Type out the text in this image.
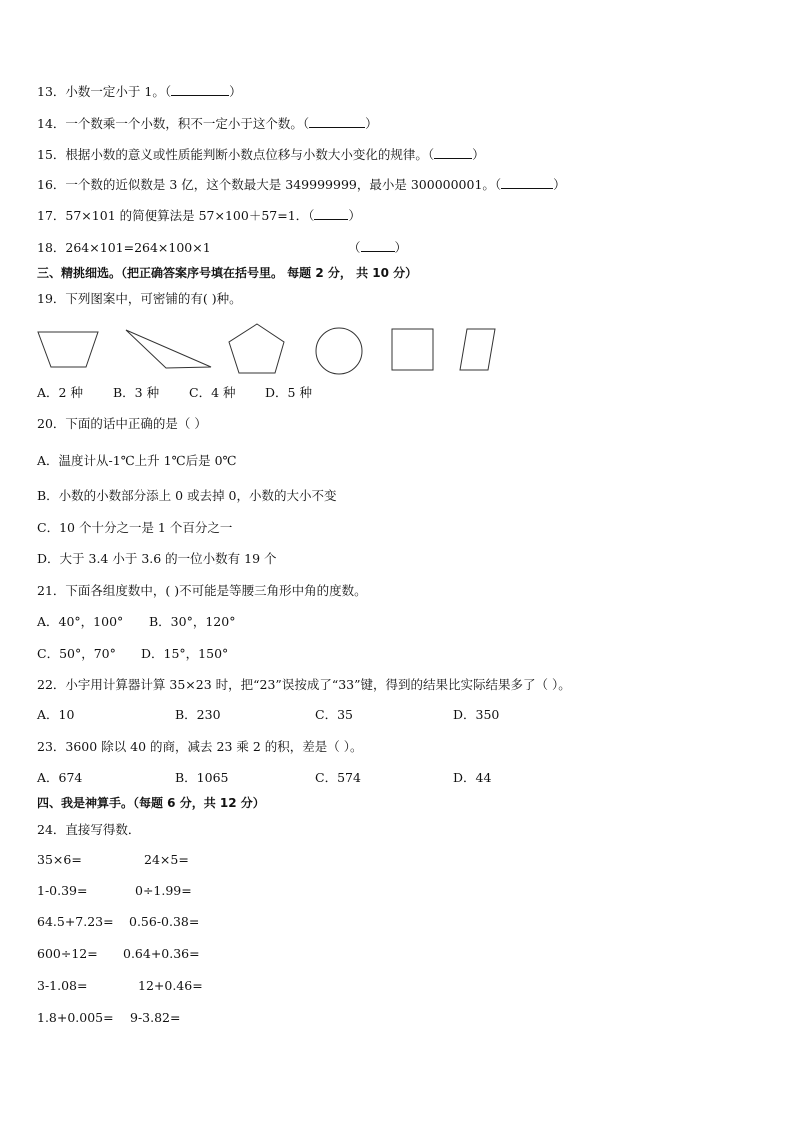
13．小数一定小于 1。（	）
14．一个数乘一个小数，积不一定小于这个数。（	）
15．根据小数的意义或性质能判断小数点位移与小数大小变化的规律。（	）
16．一个数的近似数是 3 亿，这个数最大是 349999999，最小是 300000001。（	）
17．57×101 的简便算法是 57×100＋57=1．（	）
18．264×101=264×100×1	（	）
三、精挑细选。（把正确答案序号填在括号里。 每题 2 分， 共 10 分）
19．下列图案中，可密铺的有( )种。
A．2 种 B．3 种 C．4 种 D．5 种
20．下面的话中正确的是（ ）
A．温度计从-1℃上升 1℃后是 0℃
B．小数的小数部分添上 0 或去掉 0，小数的大小不变
C．10 个十分之一是 1 个百分之一
D．大于 3.4 小于 3.6 的一位小数有 19 个
21．下面各组度数中，( )不可能是等腰三角形中角的度数。
A．40°，100° B．30°，120°
C．50°，70° D．15°，150°
22．小宇用计算器计算 35×23 时，把“23”误按成了“33”键，得到的结果比实际结果多了（ ）。
A．10	B．230	C．35	D．350
23．3600 除以 40 的商，减去 23 乘 2 的积，差是（ ）。
A．674	B．1065	C．574	D．44
四、我是神算手。（每题 6 分，共 12 分）
24．直接写得数．
35×6=	24×5=
1-0.39=	0÷1.99=
64.5+7.23= 0.56-0.38=
600÷12= 0.64+0.36=
3-1.08=	12+0.46=
1.8+0.005= 9-3.82=
